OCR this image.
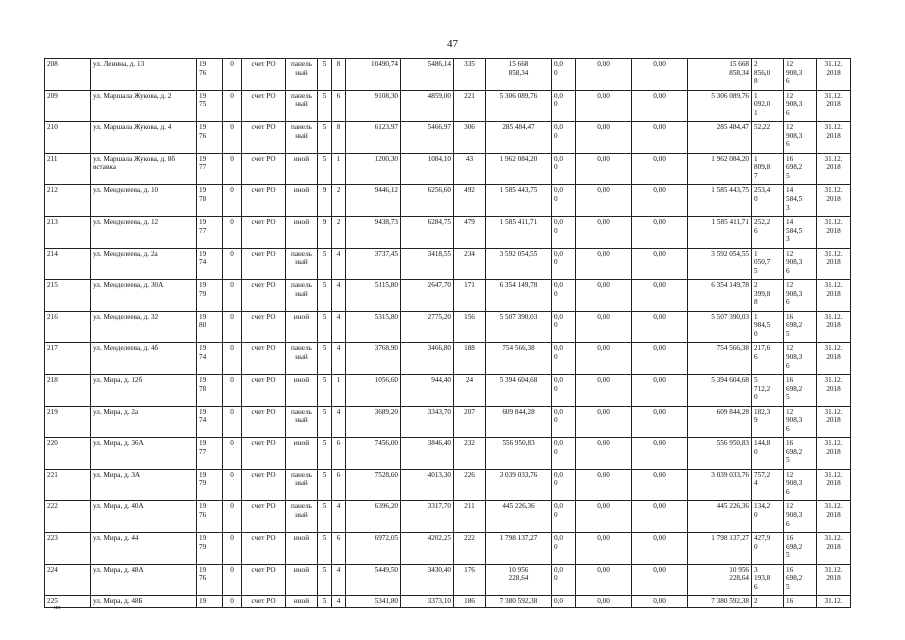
47
208	ул. Ленина, д. 13	19
76	0	счет РО	панель
ный	5	8	10490,74	5486,14	335	15 668
858,34	0,0
0	0,00	0,00	15 668
858,34	2
856,0
8	12
908,3
6	31.12.
2018
209	ул. Маршала Жукова, д. 2	19
75	0	счет РО	панель
ный	5	6	9108,30	4859,00	221	5 306 089,76	0,0
0	0,00	0,00	5 306 089,76	1
092,0
1	12
908,3
6	31.12.
2018
210	ул. Маршала Жукова, д. 4	19
76	0	счет РО	панель
ный	5	8	6123,97	5466,97	306	285 484,47	0,0
0	0,00	0,00	285 484,47	52,22	12
908,3
6	31.12.
2018
211	ул. Маршала Жукова, д. 8б
вставка	19
77	0	счет РО	иной	5	1	1200,30	1084,10	43	1 962 084,20	0,0
0	0,00	0,00	1 962 084,20	1
809,8
7	16
698,2
5	31.12.
2018
212	ул. Менделеева, д. 10	19
78	0	счет РО	иной	9	2	9446,12	6256,60	492	1 585 443,75	0,0
0	0,00	0,00	1 585 443,75	253,4
0	14
584,5
3	31.12.
2018
213	ул. Менделеева, д. 12	19
77	0	счет РО	иной	9	2	9438,73	6284,75	479	1 585 411,71	0,0
0	0,00	0,00	1 585 411,71	252,2
6	14
584,5
3	31.12.
2018
214	ул. Менделеева, д. 2а	19
74	0	счет РО	панель
ный	5	4	3737,45	3418,55	234	3 592 054,55	0,0
0	0,00	0,00	3 592 054,55	1
050,7
5	12
908,3
6	31.12.
2018
215	ул. Менделеева, д. 30А	19
79	0	счет РО	панель
ный	5	4	5115,80	2647,70	171	6 354 149,78	0,0
0	0,00	0,00	6 354 149,78	2
399,8
8	12
908,3
6	31.12.
2018
216	ул. Менделеева, д. 32	19
80	0	счет РО	иной	5	4	5315,80	2775,20	156	5 507 390,03	0,0
0	0,00	0,00	5 507 390,03	1
984,5
0	16
698,2
5	31.12.
2018
217	ул. Менделеева, д. 4б	19
74	0	счет РО	панель
ный	5	4	3768,90	3466,80	188	754 566,38	0,0
0	0,00	0,00	754 566,38	217,6
6	12
908,3
6	31.12.
2018
218	ул. Мира, д. 12б	19
78	0	счет РО	иной	5	1	1056,60	944,40	24	5 394 604,68	0,0
0	0,00	0,00	5 394 604,68	5
712,2
0	16
698,2
5	31.12.
2018
219	ул. Мира, д. 2а	19
74	0	счет РО	панель
ный	5	4	3689,20	3343,70	207	609 844,28	0,0
0	0,00	0,00	609 844,28	182,3
9	12
908,3
6	31.12.
2018
220	ул. Мира, д. 36А	19
77	0	счет РО	иной	5	6	7456,00	3846,40	232	556 950,83	0,0
0	0,00	0,00	556 950,83	144,8
0	16
698,2
5	31.12.
2018
221	ул. Мира, д. 3А	19
79	0	счет РО	панель
ный	5	6	7528,60	4013,30	226	3 039 033,76	0,0
0	0,00	0,00	3 039 033,76	757,2
4	12
908,3
6	31.12.
2018
222	ул. Мира, д. 40А	19
76	0	счет РО	панель
ный	5	4	6396,20	3317,70	211	445 226,36	0,0
0	0,00	0,00	445 226,36	134,2
0	12
908,3
6	31.12.
2018
223	ул. Мира, д. 44	19
79	0	счет РО	иной	5	6	6972,05	4202,25	222	1 798 137,27	0,0
0	0,00	0,00	1 798 137,27	427,9
0	16
698,2
5	31.12.
2018
224	ул. Мира, д. 48А	19
76	0	счет РО	иной	5	4	5449,50	3430,40	176	10 956
228,64	0,0
0	0,00	0,00	10 956
228,64	3
193,8
6	16
698,2
5	31.12.
2018
225	ул. Мира, д. 48Б	19	0	счет РО	иной	5	4	5341,80	3373,10	186	7 380 592,38	0,0	0,00	0,00	7 380 592,38	2	16	31.12.
нн
